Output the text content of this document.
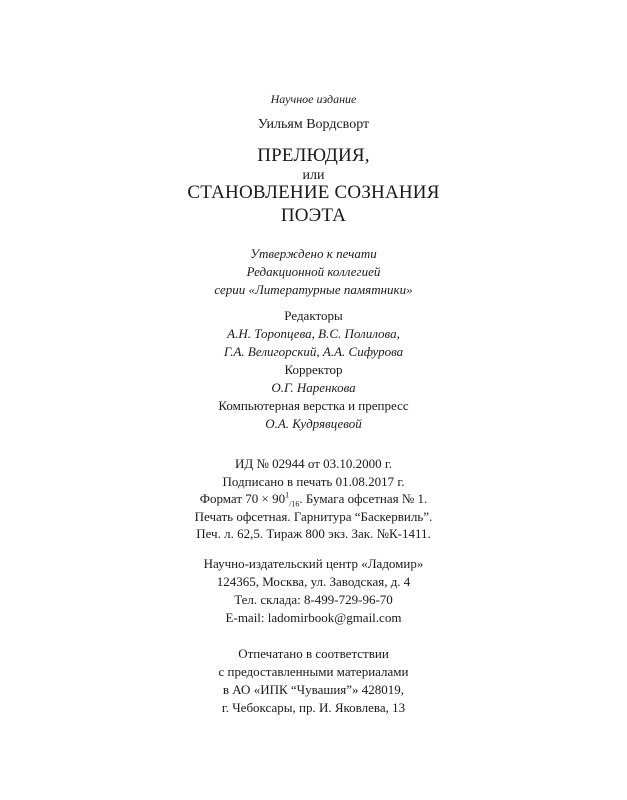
Научное издание
Уильям Вордсворт
ПРЕЛЮДИЯ,
или
СТАНОВЛЕНИЕ СОЗНАНИЯ
ПОЭТА
Утверждено к печати
Редакционной коллегией
серии «Литературные памятники»
Редакторы
А.Н. Торопцева, В.С. Полилова,
Г.А. Велигорский, А.А. Сифурова
Корректор
О.Г. Наренкова
Компьютерная верстка и препресс
О.А. Кудрявцевой
ИД № 02944 от 03.10.2000 г.
Подписано в печать 01.08.2017 г.
Формат $70 \times 90^1_{/16}$. Бумага офсетная № 1.
Печать офсетная. Гарнитура “Баскервиль”.
Печ. л. 62,5. Тираж 800 экз. Зак. №К-1411.
Научно-издательский центр «Ладомир»
124365, Москва, ул. Заводская, д. 4
Тел. склада: 8-499-729-96-70
E-mail: ladomirbook@gmail.com
Отпечатано в соответствии
с предоставленными материалами
в АО «ИПК “Чувашия”» 428019,
г. Чебоксары, пр. И. Яковлева, 13
